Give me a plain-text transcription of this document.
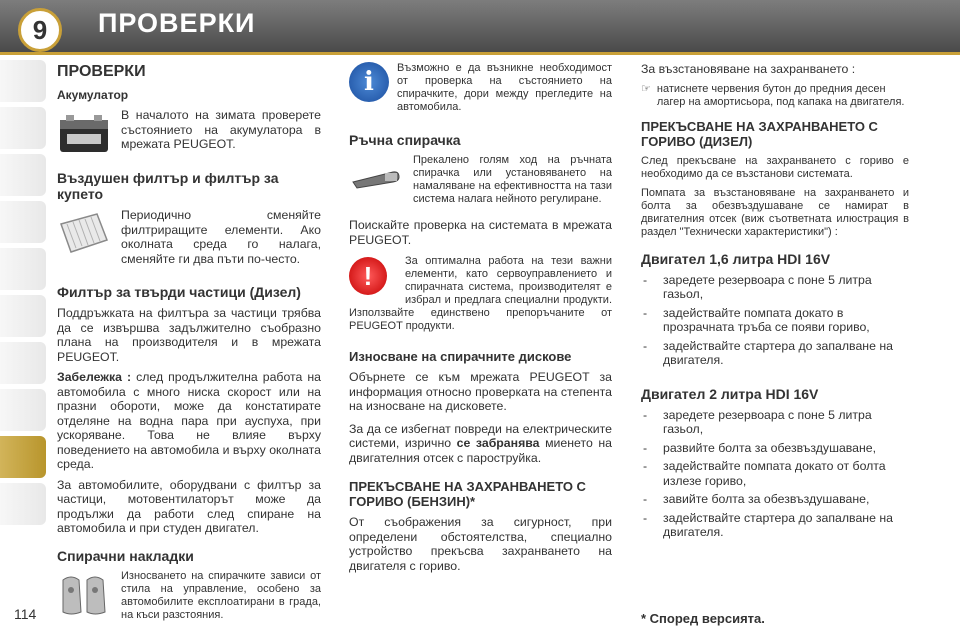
9	ПРОВЕРКИ
114
ПРОВЕРКИ
Акумулатор

В началото на зимата проверете състоянието на акумулатора в мрежата PEUGEOT.

Въздушен филтър и филтър за купето

Периодично сменяйте филтриращите елементи. Ако околната среда го налага, сменяйте ги два пъти по-често.

Филтър за твърди частици (Дизел)

Поддръжката на филтъра за частици трябва да се извършва задължително съобразно плана на производителя и в мрежата PEUGEOT.

Забележка : след продължителна работа на автомобила с много ниска скорост или на празни обороти, може да констатирате отделяне на водна пара при ауспуха, при ускоряване. Това не влияе върху поведението на автомобила и върху околната среда.

За автомобилите, оборудвани с филтър за частици, мотовентилаторът може да продължи да работи след спиране на автомобила и при студен двигател.

Спирачни накладки

Износването на спирачките зависи от стила на управление, особено за автомобилите експлоатирани в града, на къси разстояния.

i	Възможно е да възникне необходимост от проверка на състоянието на спирачките, дори между прегледите на автомобила.

Ръчна спирачка

Прекалено голям ход на ръчната спирачка или установяването на намаляване на ефективността на тази система налага нейното регулиране.

Поискайте проверка на системата в мрежата PEUGEOT.

!	За оптимална работа на тези важни елементи, като сервоуправлението и спирачната система, производителят е избрал и предлага специални продукти. Използвайте единствено препоръчаните от PEUGEOT продукти.

Износване на спирачните дискове

Обърнете се към мрежата PEUGEOT за информация относно проверката на степента на износване на дисковете.

За да се избегнат повреди на електрическите системи, изрично се забранява миенето на двигателния отсек с пароструйка.

ПРЕКЪСВАНЕ НА ЗАХРАНВАНЕТО С ГОРИВО (БЕНЗИН)*

От съображения за сигурност, при определени обстоятелства, специално устройство прекъсва захранването на двигателя с гориво.

За възстановяване на захранването :

☞ натиснете червения бутон до предния десен лагер на амортисьора, под капака на двигателя.
ПРЕКЪСВАНЕ НА ЗАХРАНВАНЕТО С ГОРИВО (ДИЗЕЛ)

След прекъсване на захранването с гориво е необходимо да се възстанови системата.

Помпата за възстановяване на захранването и болта за обезвъздушаване се намират в двигателния отсек (виж съответната илюстрация в раздел "Технически характеристики") :

Двигател 1,6 литра HDI 16V
- заредете резервоара с поне 5 литра газьол,
- задействайте помпата докато в прозрачната тръба се появи гориво,
- задействайте стартера до запалване на двигателя.
Двигател 2 литра HDI 16V
- заредете резервоара с поне 5 литра газьол,
- развийте болта за обезвъздушаване,
- задействайте помпата докато от болта излезе гориво,
- завийте болта за обезвъздушаване,
- задействайте стартера до запалване на двигателя.
* Според версията.
